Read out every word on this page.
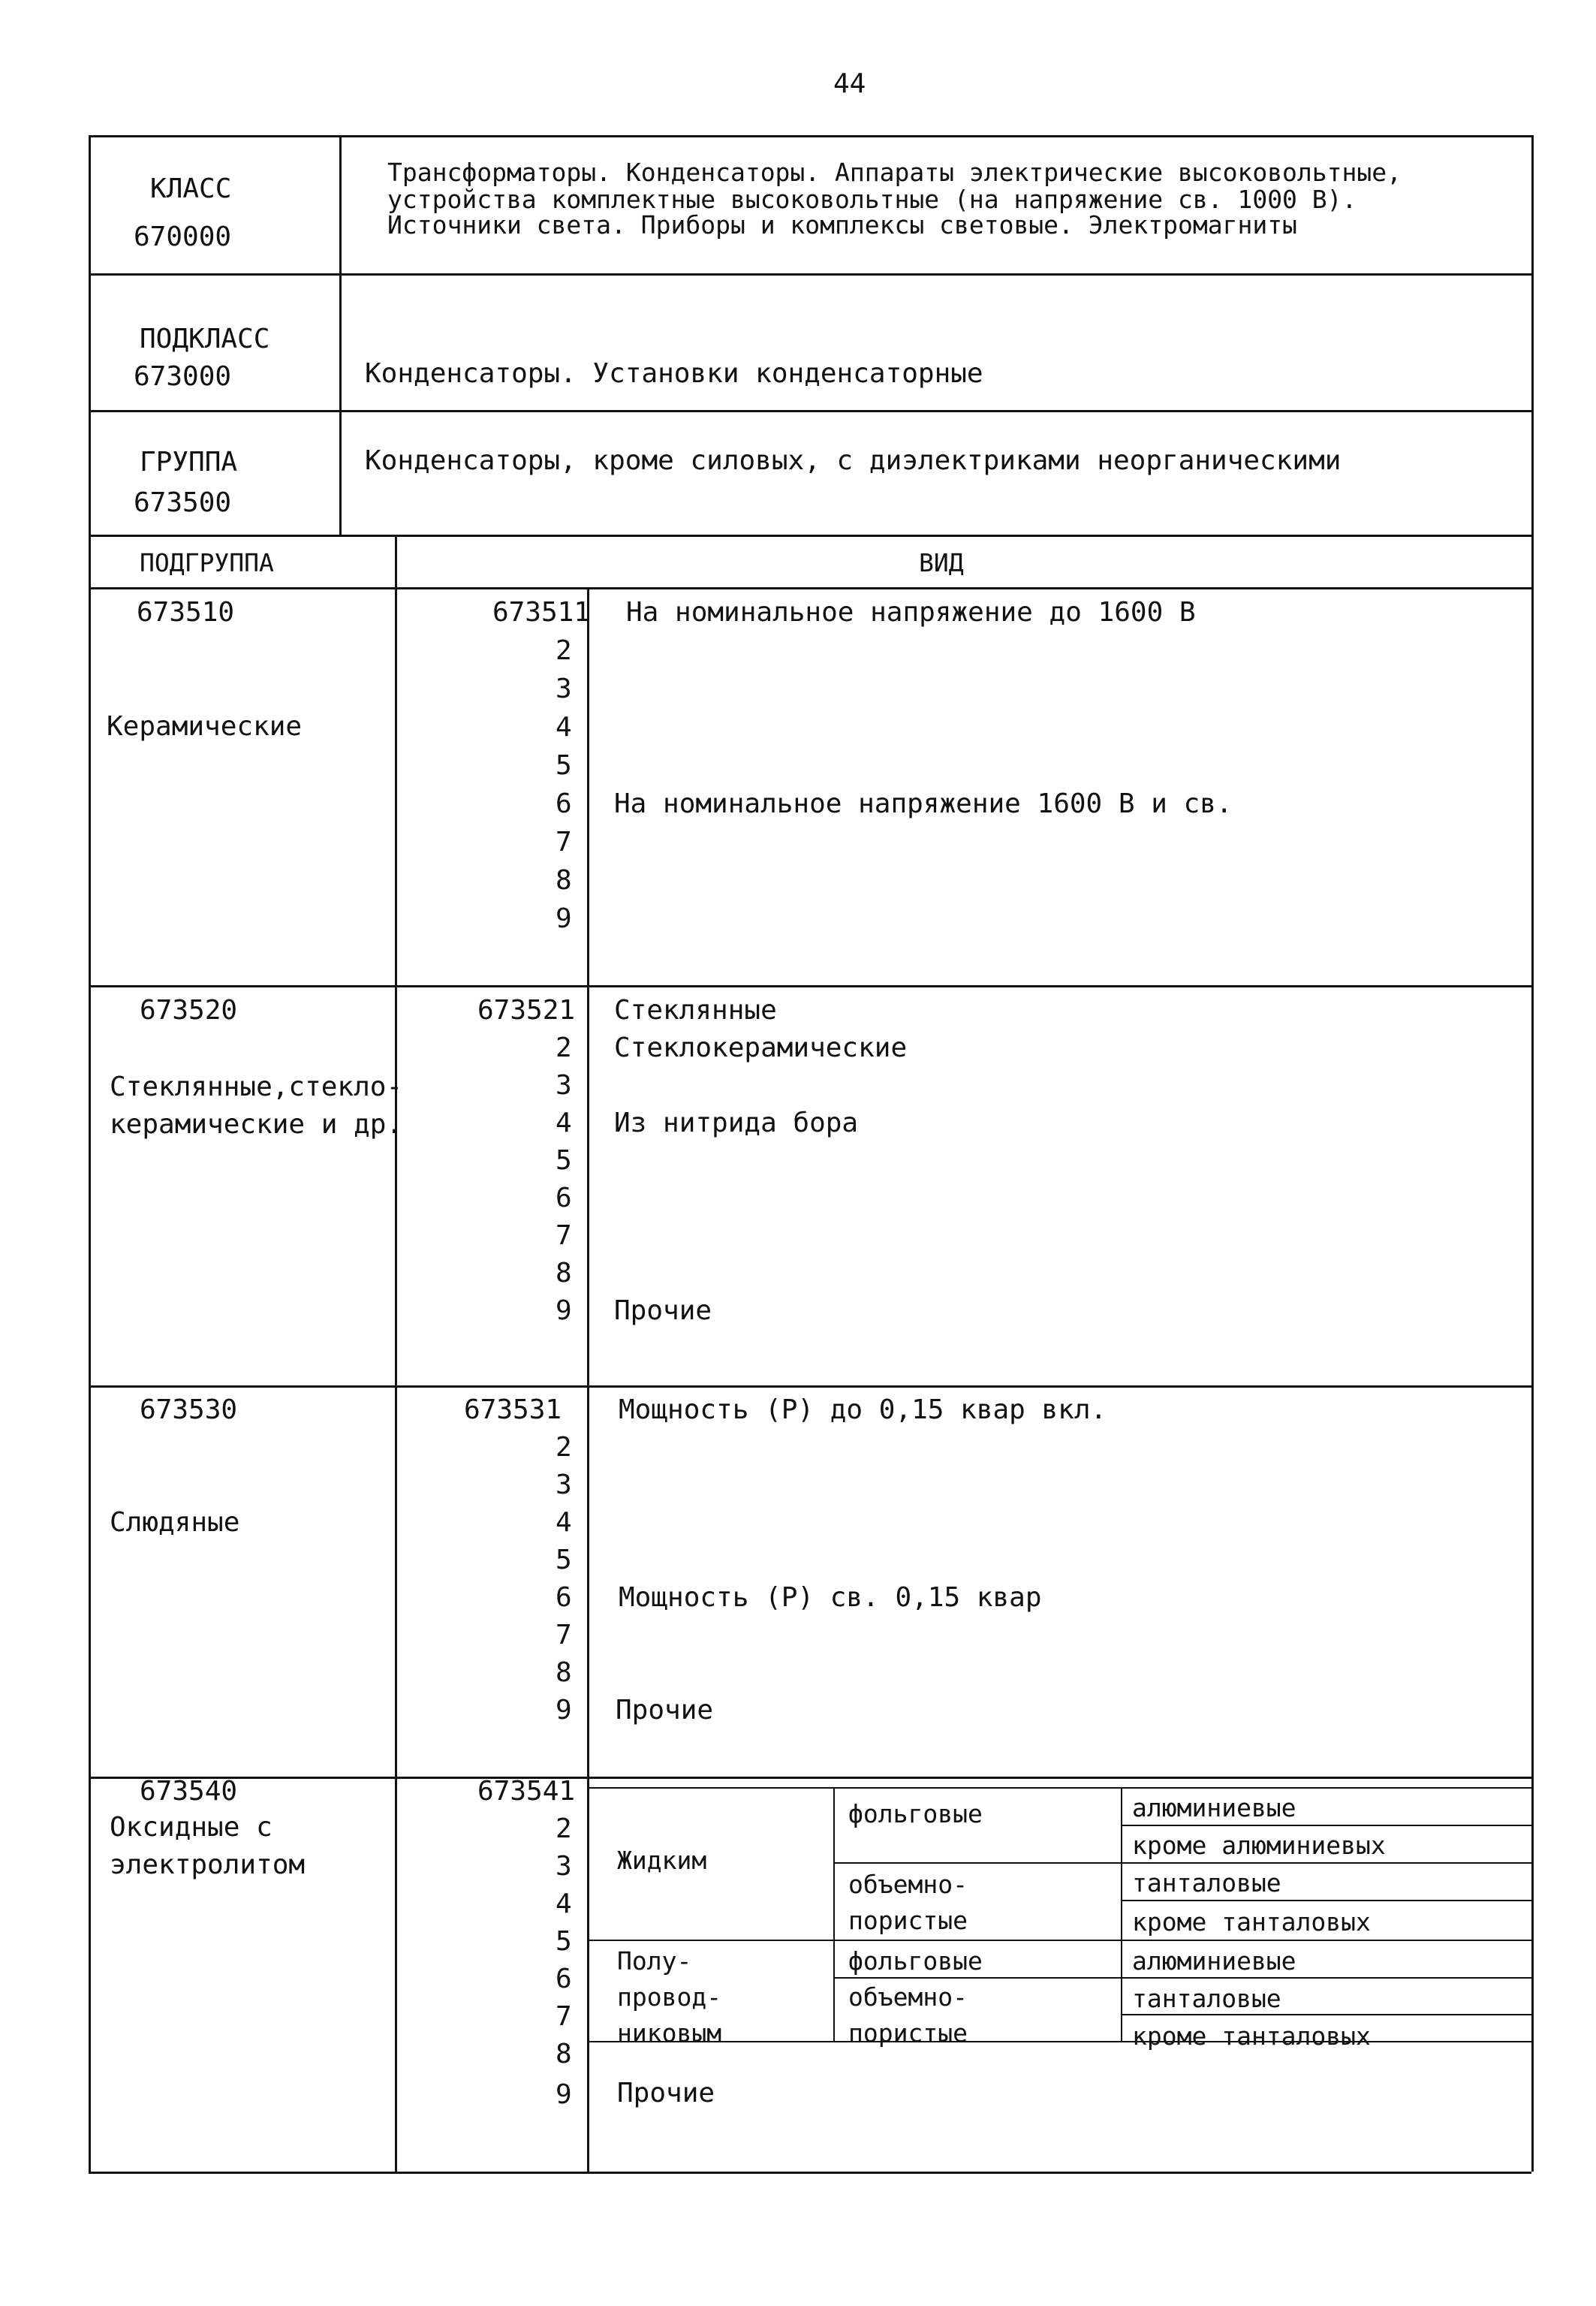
44
КЛАСС
670000
Трансформаторы. Конденсаторы. Аппараты электрические высоковольтные,
устройства комплектные высоковольтные (на напряжение св. 1000 В).
Источники света. Приборы и комплексы световые. Электромагниты
ПОДКЛАСС
673000	Конденсаторы. Установки конденсаторные
ГРУППА
673500
Конденсаторы, кроме силовых, с диэлектриками неорганическими
ПОДГРУППА	ВИД
673510
Керамические
673511
2
3
4
5
6
7
8
9
На номинальное напряжение до 1600 В
На номинальное напряжение 1600 В и св.
673520
Стеклянные,стекло-
керамические и др.
673521
2
3
4
5
6
7
8
9
Стеклянные
Стеклокерамические
Из нитрида бора
Прочие
673530
Слюдяные
673531
2
3
4
5
6
7
8
9
Мощность (Р) до 0,15 квар вкл.
Мощность (Р) св. 0,15 квар
Прочие
673540
Оксидные с
электролитом
673541
2
3
4
5
6
7
8
9
Жидким
Полу-
провод-
никовым
фольговые
объемно-
пористые
фольговые
объемно-
пористые
алюминиевые
кроме алюминиевых
танталовые
кроме танталовых
алюминиевые
танталовые
кроме танталовых
Прочие
